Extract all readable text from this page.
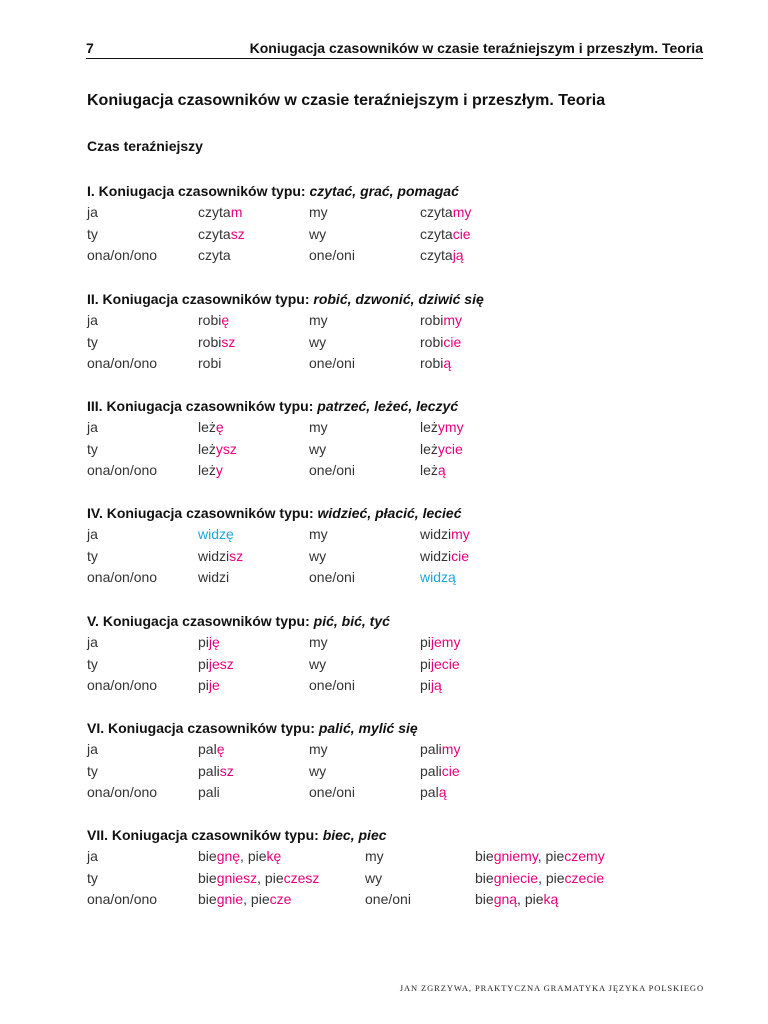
7	Koniugacja czasowników w czasie teraźniejszym i przeszłym. Teoria
Koniugacja czasowników w czasie teraźniejszym i przeszłym. Teoria
Czas teraźniejszy
I. Koniugacja czasowników typu: czytać, grać, pomagać
ja	czytam	my	czytamy
ty	czytasz	wy	czytacie
ona/on/ono	czyta	one/oni	czytają
II. Koniugacja czasowników typu: robić, dzwonić, dziwić się
ja	robię	my	robimy
ty	robisz	wy	robicie
ona/on/ono	robi	one/oni	robią
III. Koniugacja czasowników typu: patrzeć, leżeć, leczyć
ja	leżę	my	leżymy
ty	leżysz	wy	leżycie
ona/on/ono	leży	one/oni	leżą
IV. Koniugacja czasowników typu: widzieć, płacić, lecieć
ja	widzę	my	widzimy
ty	widzisz	wy	widzicie
ona/on/ono	widzi	one/oni	widzą
V. Koniugacja czasowników typu: pić, bić, tyć
ja	piję	my	pijemy
ty	pijesz	wy	pijecie
ona/on/ono	pije	one/oni	piją
VI. Koniugacja czasowników typu: palić, mylić się
ja	palę	my	palimy
ty	palisz	wy	palicie
ona/on/ono	pali	one/oni	palą
VII. Koniugacja czasowników typu: biec, piec
ja	biegnę, piekę	my	biegniemy, pieczemy
ty	biegniesz, pieczesz	wy	biegniecie, pieczecie
ona/on/ono	biegnie, piecze	one/oni	biegną, pieką
JAN ZGRZYWA, PRAKTYCZNA GRAMATYKA JĘZYKA POLSKIEGO
